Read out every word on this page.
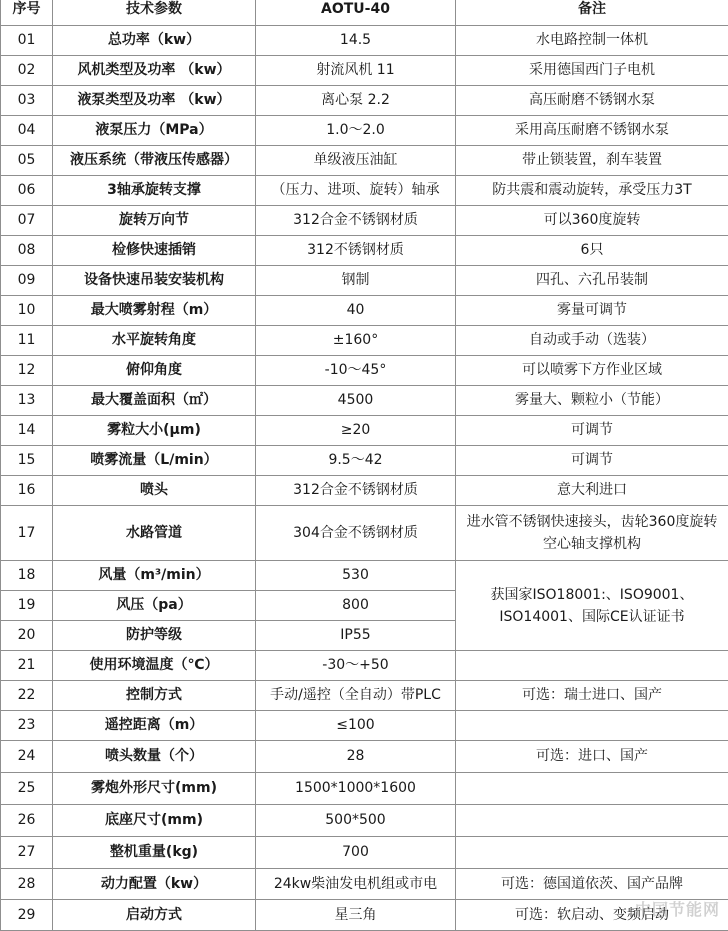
序号	技术参数	AOTU-40	备注
01	总功率（kw）	14.5	水电路控制一体机
02	风机类型及功率 （kw）	射流风机 11	采用德国西门子电机
03	液泵类型及功率 （kw）	离心泵 2.2	高压耐磨不锈钢水泵
04	液泵压力（MPa）	1.0～2.0	采用高压耐磨不锈钢水泵
05	液压系统（带液压传感器）	单级液压油缸	带止锁装置，刹车装置
06	3轴承旋转支撑	（压力、进项、旋转）轴承	防共震和震动旋转，承受压力3T
07	旋转万向节	312合金不锈钢材质	可以360度旋转
08	检修快速插销	312不锈钢材质	6只
09	设备快速吊装安装机构	钢制	四孔、六孔吊装制
10	最大喷雾射程（m）	40	雾量可调节
11	水平旋转角度	±160°	自动或手动（选装）
12	俯仰角度	-10～45°	可以喷雾下方作业区域
13	最大覆盖面积（㎡）	4500	雾量大、颗粒小（节能）
14	雾粒大小(μm)	≥20	可调节
15	喷雾流量（L/min）	9.5～42	可调节
16	喷头	312合金不锈钢材质	意大利进口
17	水路管道	304合金不锈钢材质	进水管不锈钢快速接头，齿轮360度旋转空心轴支撑机构
18	风量（m³/min）	530	获国家ISO18001:、ISO9001、ISO14001、国际CE认证证书
19	风压（pa）	800	
20	防护等级	IP55	
21	使用环境温度（℃）	-30～+50	
22	控制方式	手动/遥控（全自动）带PLC	可选：瑞士进口、国产
23	遥控距离（m）	≤100	
24	喷头数量（个）	28	可选：进口、国产
25	雾炮外形尺寸(mm)	1500*1000*1600	
26	底座尺寸(mm)	500*500	
27	整机重量(kg)	700	
28	动力配置（kw）	24kw柴油发电机组或市电	可选：德国道依茨、国产品牌
29	启动方式	星三角	可选：软启动、变频启动
中国节能网
